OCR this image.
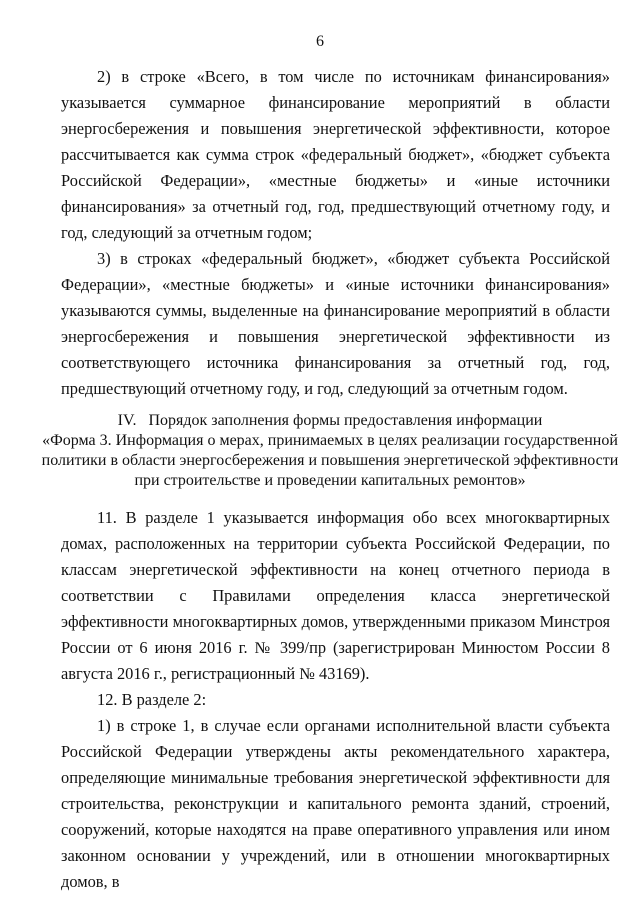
6

2) в строке «Всего, в том числе по источникам финансирования» указывается суммарное финансирование мероприятий в области энергосбережения и повышения энергетической эффективности, которое рассчитывается как сумма строк «федеральный бюджет», «бюджет субъекта Российской Федерации», «местные бюджеты» и «иные источники финансирования» за отчетный год, год, предшествующий отчетному году, и год, следующий за отчетным годом;

3) в строках «федеральный бюджет», «бюджет субъекта Российской Федерации», «местные бюджеты» и «иные источники финансирования» указываются суммы, выделенные на финансирование мероприятий в области энергосбережения и повышения энергетической эффективности из соответствующего источника финансирования за отчетный год, год, предшествующий отчетному году, и год, следующий за отчетным годом.

IV. Порядок заполнения формы предоставления информации
«Форма 3. Информация о мерах, принимаемых в целях реализации государственной
политики в области энергосбережения и повышения энергетической эффективности
при строительстве и проведении капитальных ремонтов»

11. В разделе 1 указывается информация обо всех многоквартирных домах, расположенных на территории субъекта Российской Федерации, по классам энергетической эффективности на конец отчетного периода в соответствии с Правилами определения класса энергетической эффективности многоквартирных домов, утвержденными приказом Минстроя России от 6 июня 2016 г. № 399/пр (зарегистрирован Минюстом России 8 августа 2016 г., регистрационный № 43169).

12. В разделе 2:

1) в строке 1, в случае если органами исполнительной власти субъекта Российской Федерации утверждены акты рекомендательного характера, определяющие минимальные требования энергетической эффективности для строительства, реконструкции и капитального ремонта зданий, строений, сооружений, которые находятся на праве оперативного управления или ином законном основании у учреждений, или в отношении многоквартирных домов, в
